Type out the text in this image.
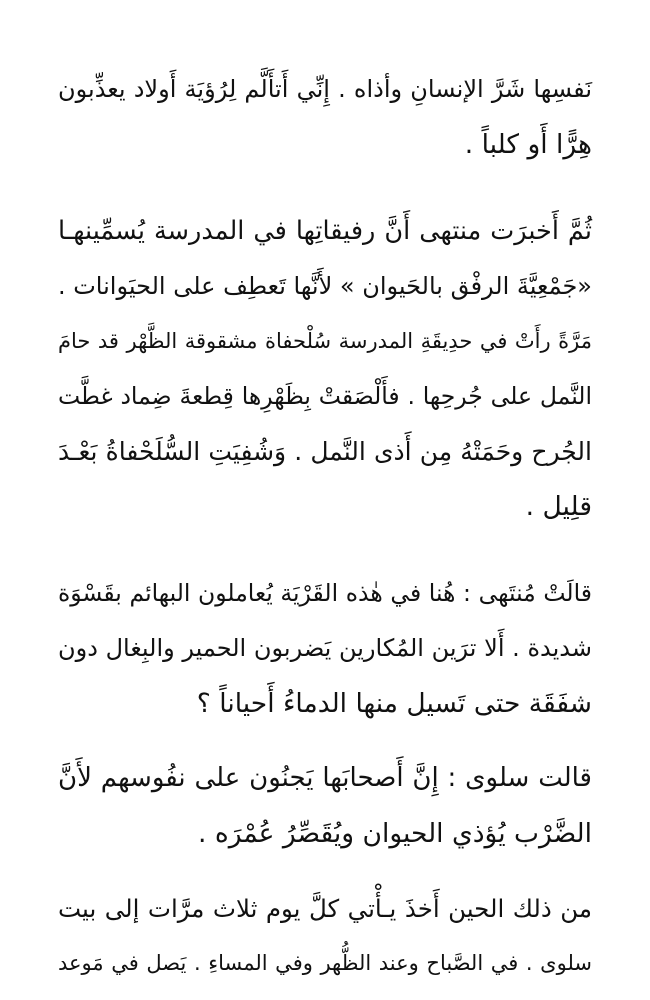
نَفسِها شَرَّ الإنسانِ وأذاه . إِنِّي أَتأَلَّم لِرُؤيَة أَولاد يعذِّبون
هِرًّا أَو كلباً .
ثُمَّ أَخبرَت منتهى أَنَّ رفيقاتِها في المدرسة يُسمِّينهـا
«جَمْعِيَّةَ الرفْق بالحَيوان » لأَنَّها تَعطِف على الحيَوانات .
مَرَّةً رأَتْ في حدِيقَةِ المدرسة سُلْحفاة مشقوقة الظَّهْر قد حامَ
النَّمل على جُرحِها . فأَلْصَقتْ بِظَهْرِها قِطعةَ ضِماد غطَّت
الجُرح وحَمَتْهُ مِن أَذى النَّمل . وَشُفِيَتِ السُّلَحْفاةُ بَعْـدَ
قلِيل .
قالَتْ مُنتَهى : هُنا في هٰذه القَرْيَة يُعاملون البهائم بقَسْوَة
شديدة . أَلا ترَين المُكارين يَضربون الحمير والبِغال دون
شفَقَة حتى تَسيل منها الدماءُ أَحياناً ؟
قالت سلوى : إِنَّ أَصحابَها يَجنُون على نفُوسهم لأَنَّ
الضَّرْب يُؤذي الحيوان ويُقَصِّرُ عُمْرَه .
من ذلك الحين أَخذَ يـأْتي كلَّ يوم ثلاث مرَّات إلى بيت
سلوى . في الصَّباح وعند الظُّهر وفي المساءِ . يَصل في مَوعد
